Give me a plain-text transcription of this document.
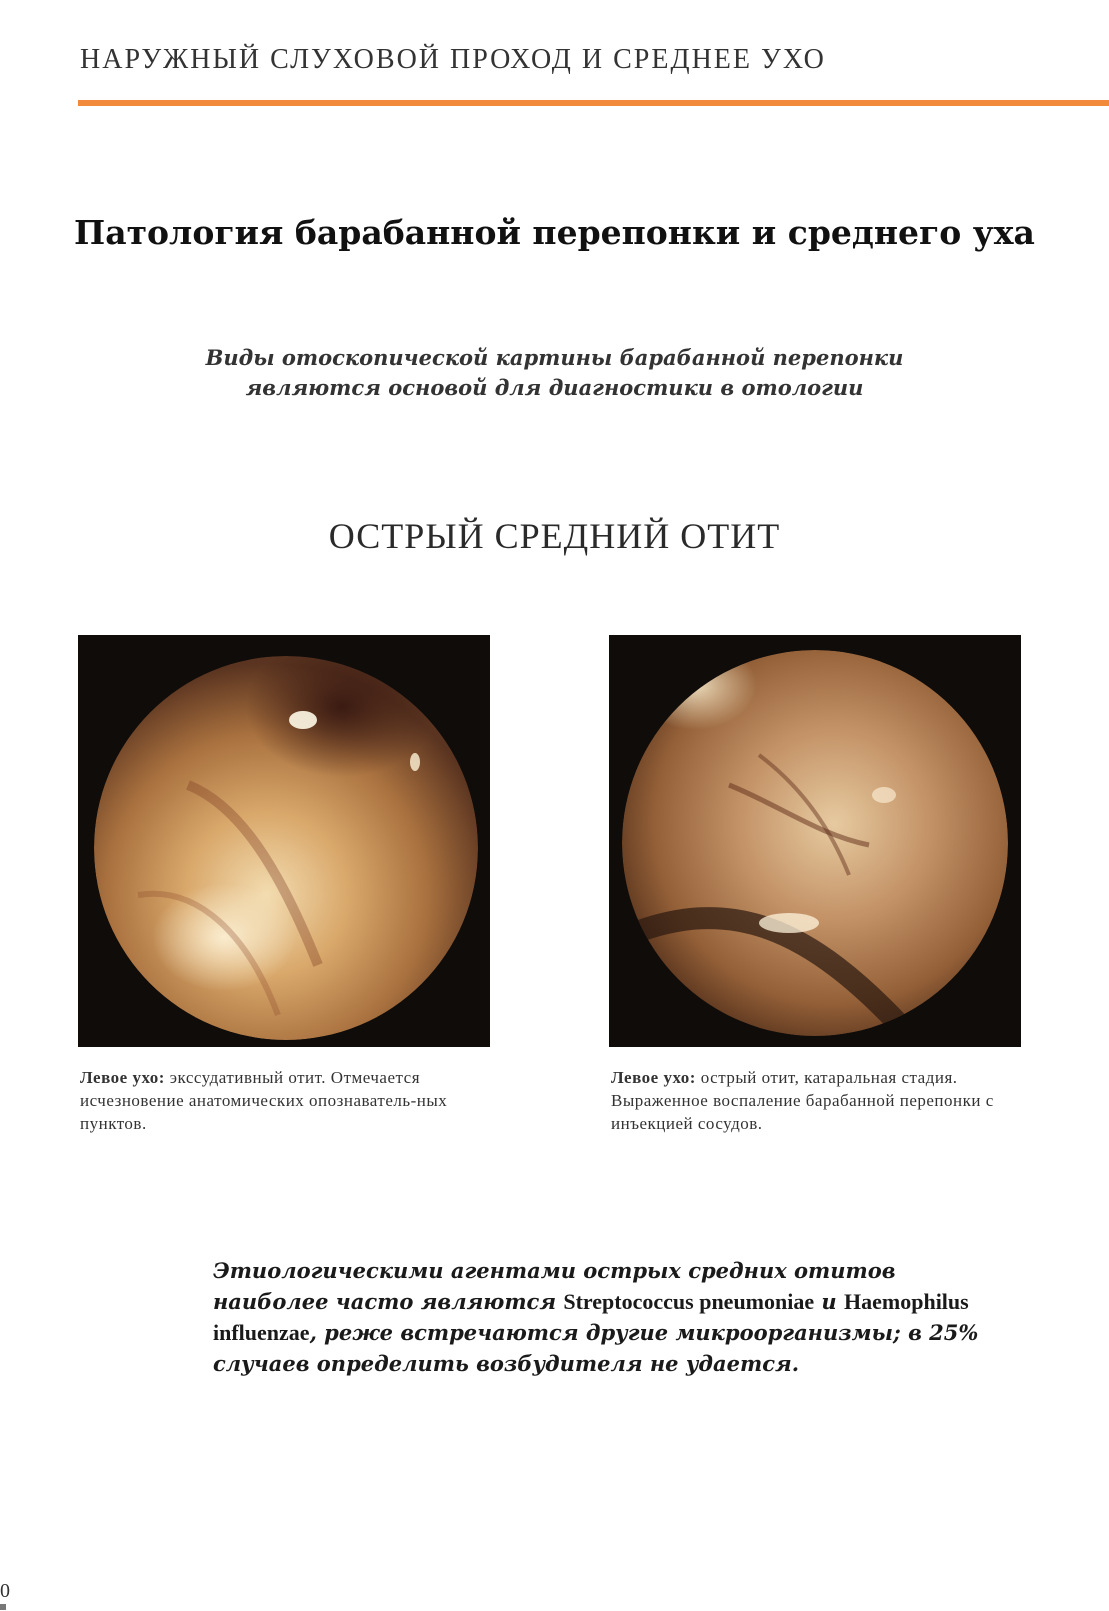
НАРУЖНЫЙ СЛУХОВОЙ ПРОХОД И СРЕДНЕЕ УХО
Патология барабанной перепонки и среднего уха
Виды отоскопической картины барабанной перепонки
являются основой для диагностики в отологии
ОСТРЫЙ СРЕДНИЙ ОТИТ
Левое ухо: экссудативный отит. Отмечается исчезновение анатомических опознаватель-ных пунктов.
Левое ухо: острый отит, катаральная стадия. Выраженное воспаление барабанной перепонки с инъекцией сосудов.
Этиологическими агентами острых средних отитов наиболее часто являются Streptococcus pneumoniae и Haemophilus influenzae, реже встречаются другие микроорганизмы; в 25% случаев определить возбудителя не удается.
0
